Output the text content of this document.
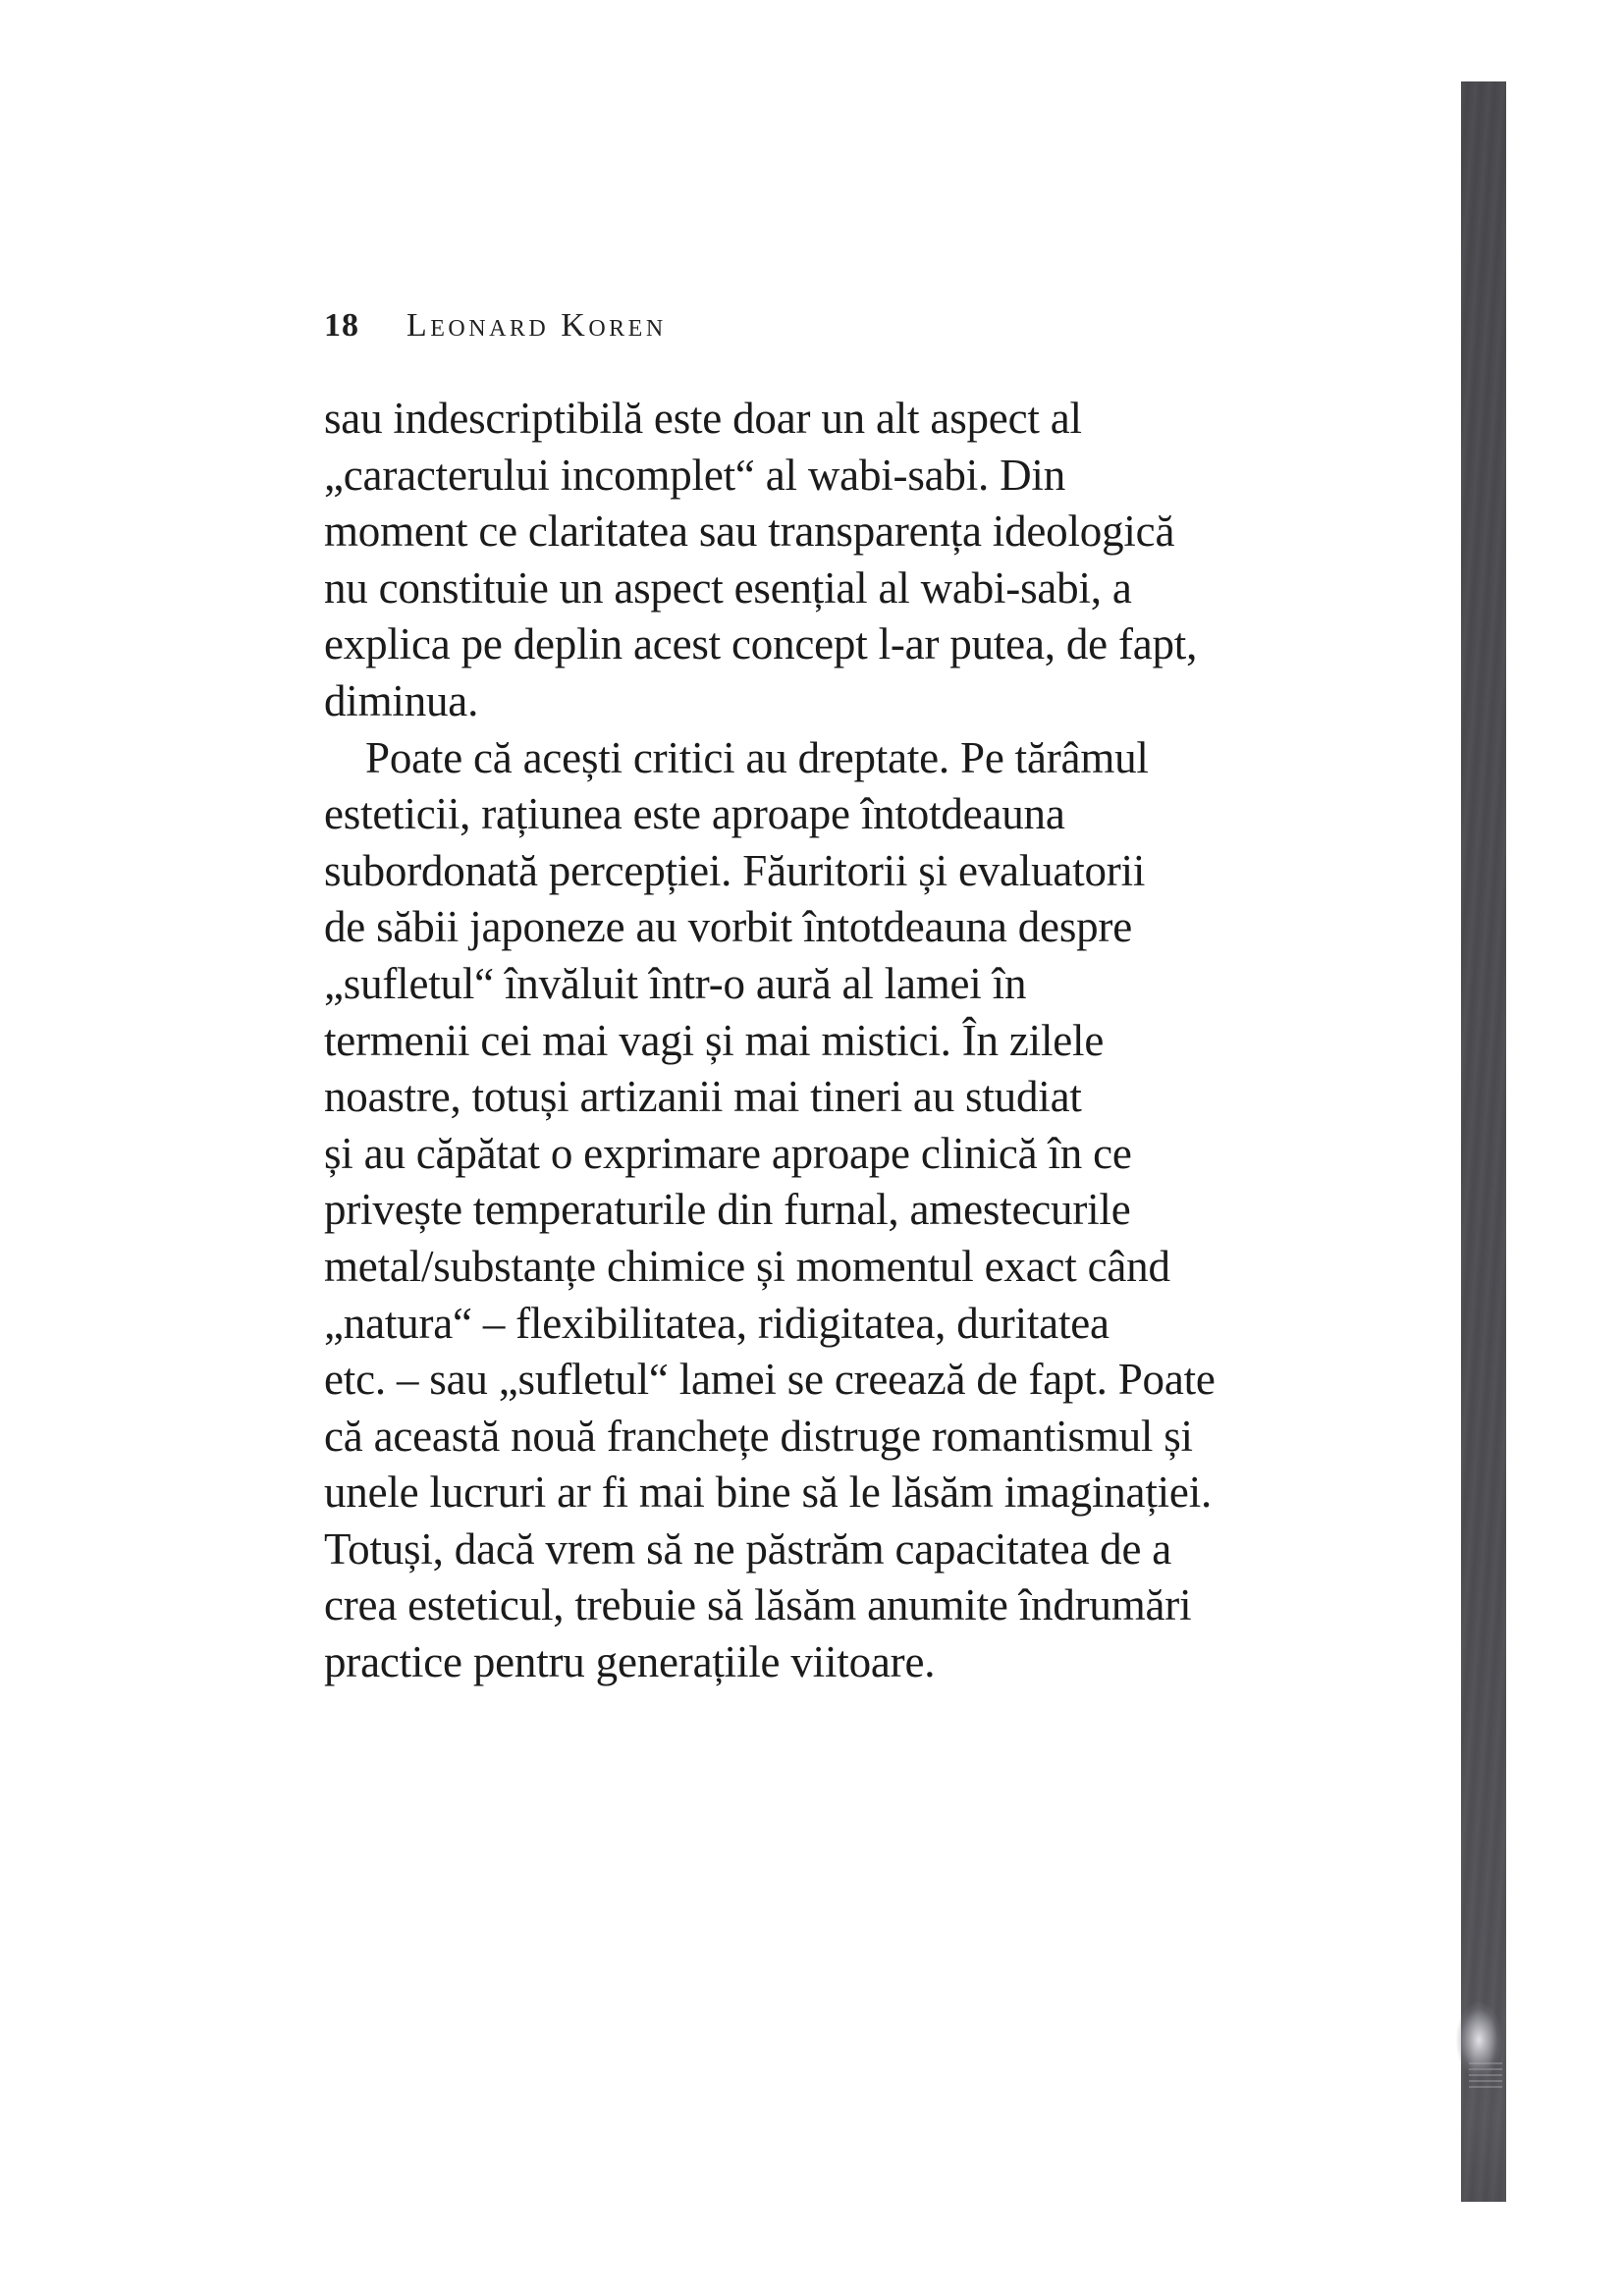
18 Leonard Koren
sau indescriptibilă este doar un alt aspect al
„caracterului incomplet“ al wabi-sabi. Din
moment ce claritatea sau transparența ideologică
nu constituie un aspect esențial al wabi-sabi, a
explica pe deplin acest concept l-ar putea, de fapt,
diminua.
Poate că acești critici au dreptate. Pe tărâmul
esteticii, rațiunea este aproape întotdeauna
subordonată percepției. Făuritorii și evaluatorii
de săbii japoneze au vorbit întotdeauna despre
„sufletul“ învăluit într-o aură al lamei în
termenii cei mai vagi și mai mistici. În zilele
noastre, totuși artizanii mai tineri au studiat
și au căpătat o exprimare aproape clinică în ce
privește temperaturile din furnal, amestecurile
metal/substanțe chimice și momentul exact când
„natura“ – flexibilitatea, ridigitatea, duritatea
etc. – sau „sufletul“ lamei se creează de fapt. Poate
că această nouă franchețe distruge romantismul și
unele lucruri ar fi mai bine să le lăsăm imaginației.
Totuși, dacă vrem să ne păstrăm capacitatea de a
crea esteticul, trebuie să lăsăm anumite îndrumări
practice pentru generațiile viitoare.
